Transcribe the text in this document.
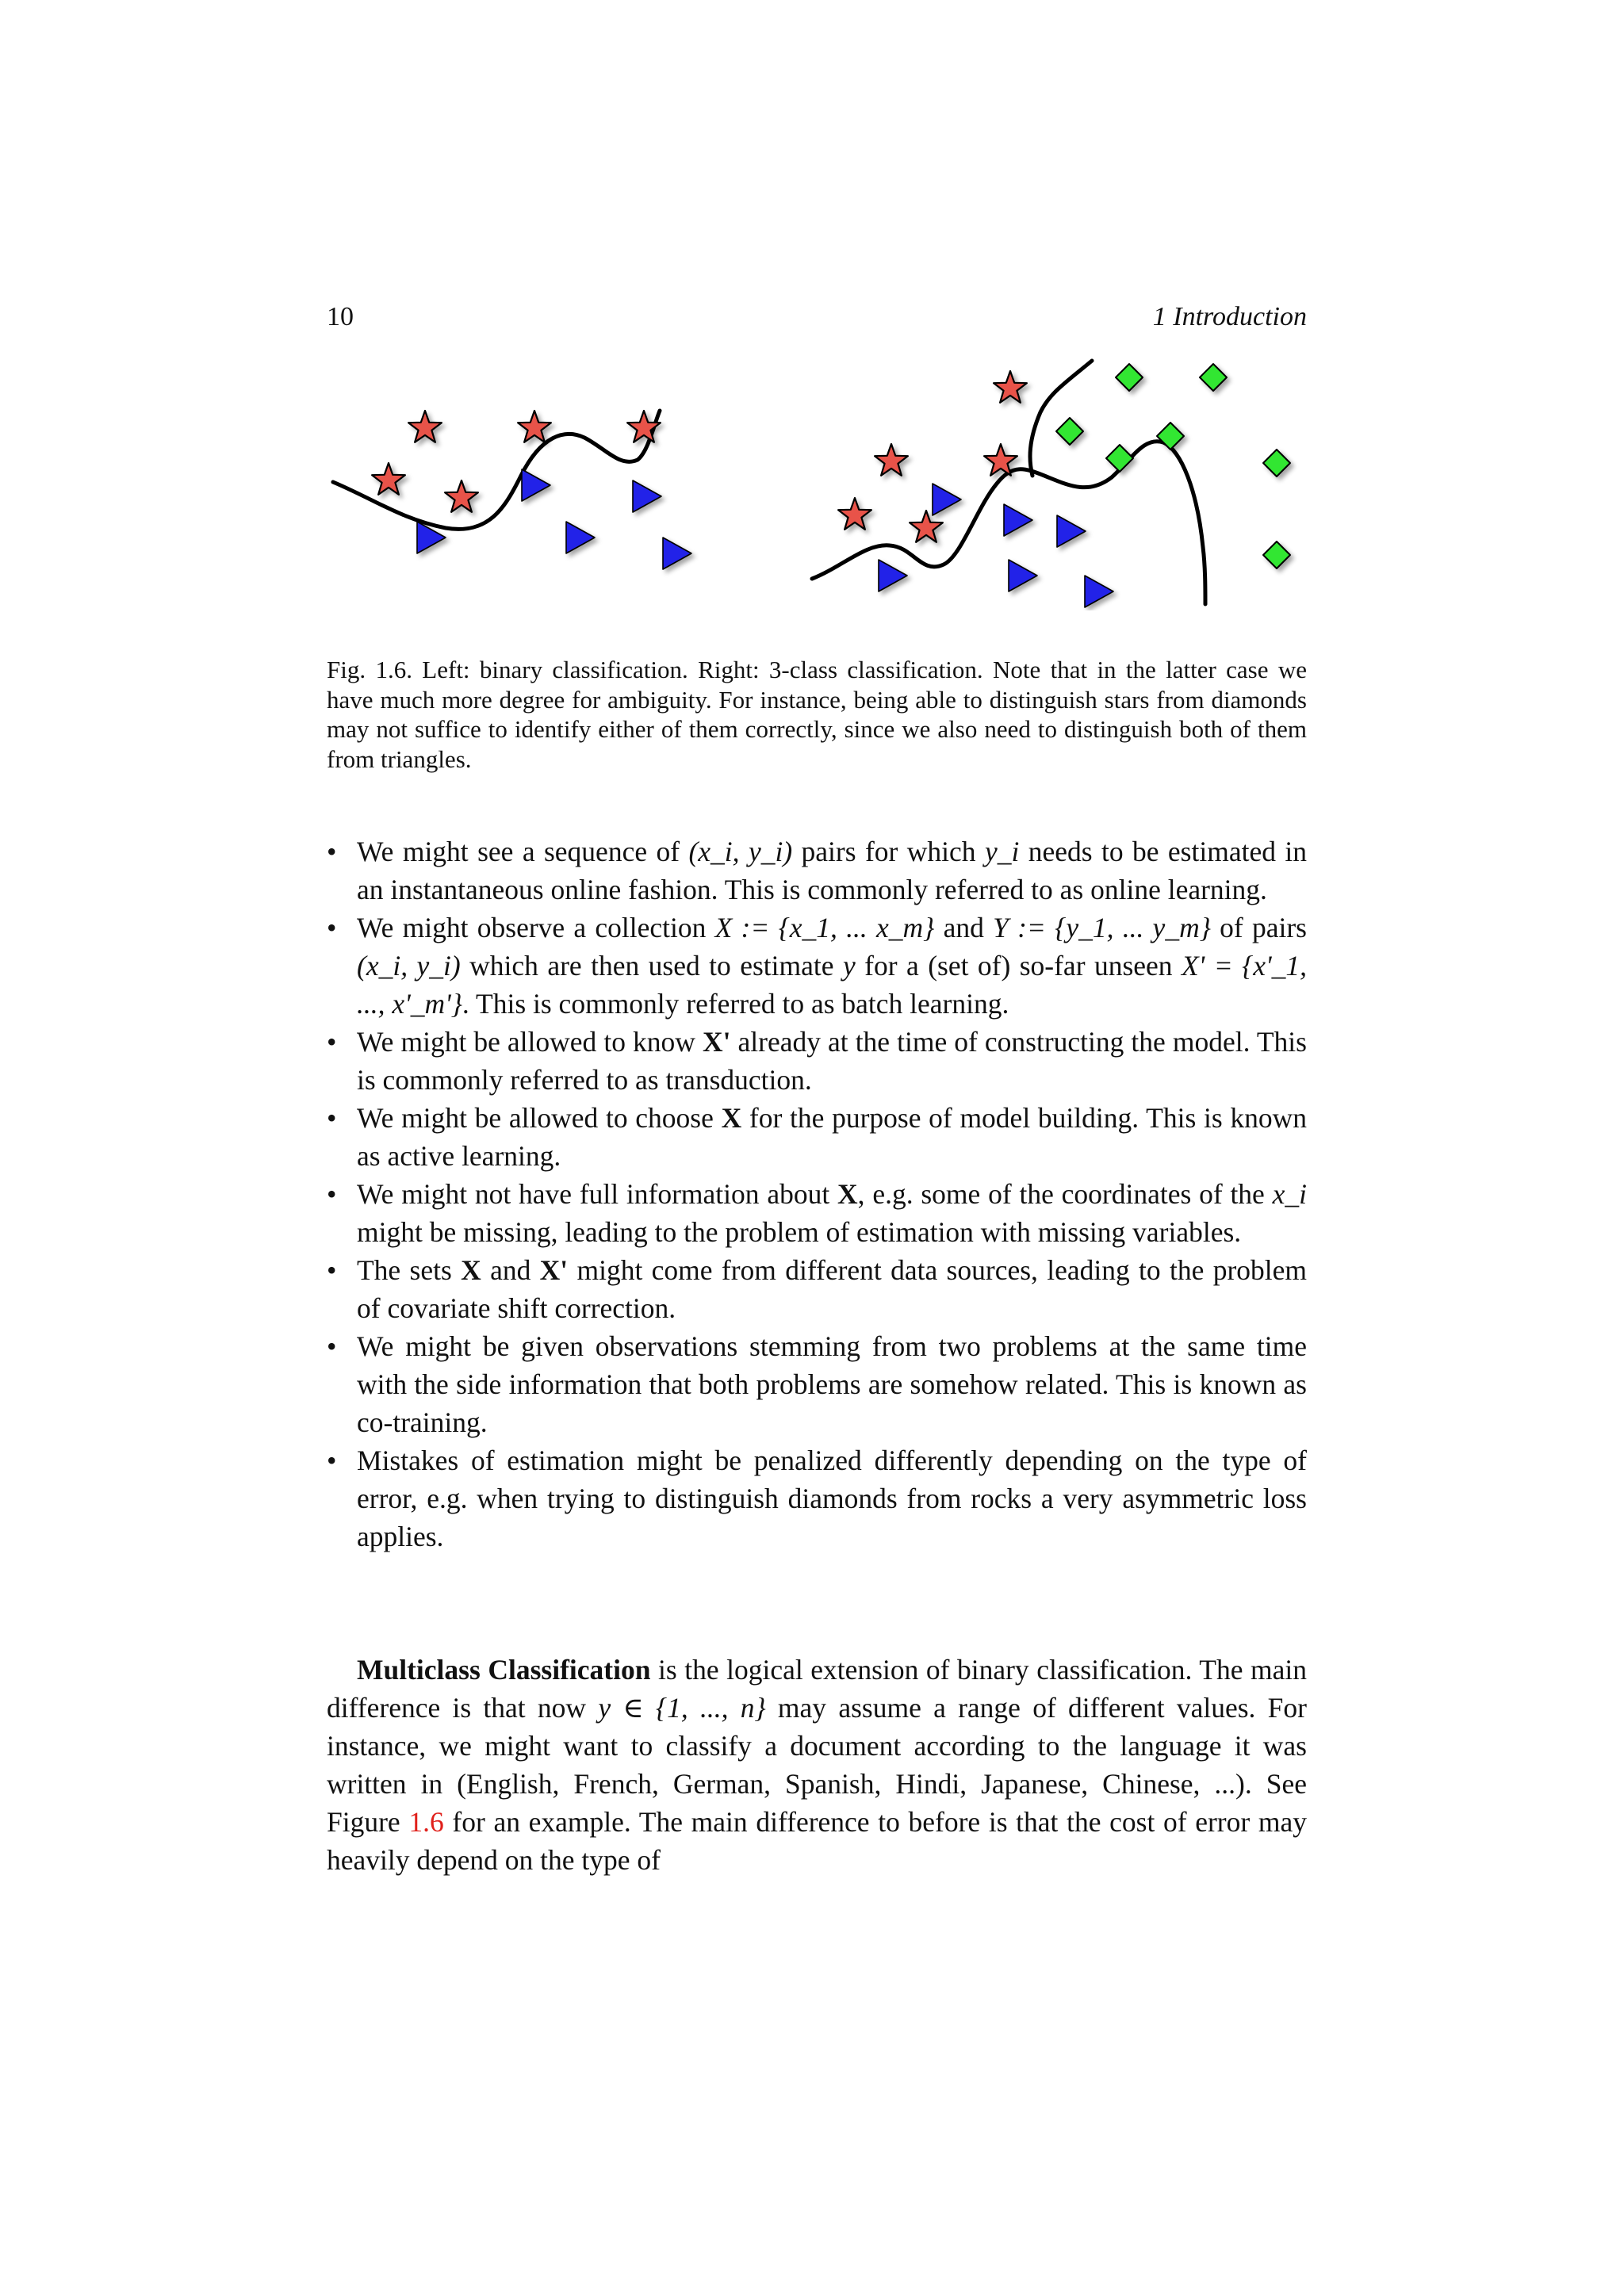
10	1 Introduction
Fig. 1.6. Left: binary classification. Right: 3-class classification. Note that in the latter case we have much more degree for ambiguity. For instance, being able to distinguish stars from diamonds may not suffice to identify either of them correctly, since we also need to distinguish both of them from triangles.
• We might see a sequence of (x_i, y_i) pairs for which y_i needs to be estimated in an instantaneous online fashion. This is commonly referred to as online learning.
• We might observe a collection X := {x_1, ... x_m} and Y := {y_1, ... y_m} of pairs (x_i, y_i) which are then used to estimate y for a (set of) so-far unseen X' = {x'_1, ..., x'_m'}. This is commonly referred to as batch learning.
• We might be allowed to know X' already at the time of constructing the model. This is commonly referred to as transduction.
• We might be allowed to choose X for the purpose of model building. This is known as active learning.
• We might not have full information about X, e.g. some of the coordinates of the x_i might be missing, leading to the problem of estimation with missing variables.
• The sets X and X' might come from different data sources, leading to the problem of covariate shift correction.
• We might be given observations stemming from two problems at the same time with the side information that both problems are somehow related. This is known as co-training.
• Mistakes of estimation might be penalized differently depending on the type of error, e.g. when trying to distinguish diamonds from rocks a very asymmetric loss applies.

Multiclass Classification is the logical extension of binary classification. The main difference is that now y ∈ {1, ..., n} may assume a range of different values. For instance, we might want to classify a document according to the language it was written in (English, French, German, Spanish, Hindi, Japanese, Chinese, ...). See Figure 1.6 for an example. The main difference to before is that the cost of error may heavily depend on the type of
